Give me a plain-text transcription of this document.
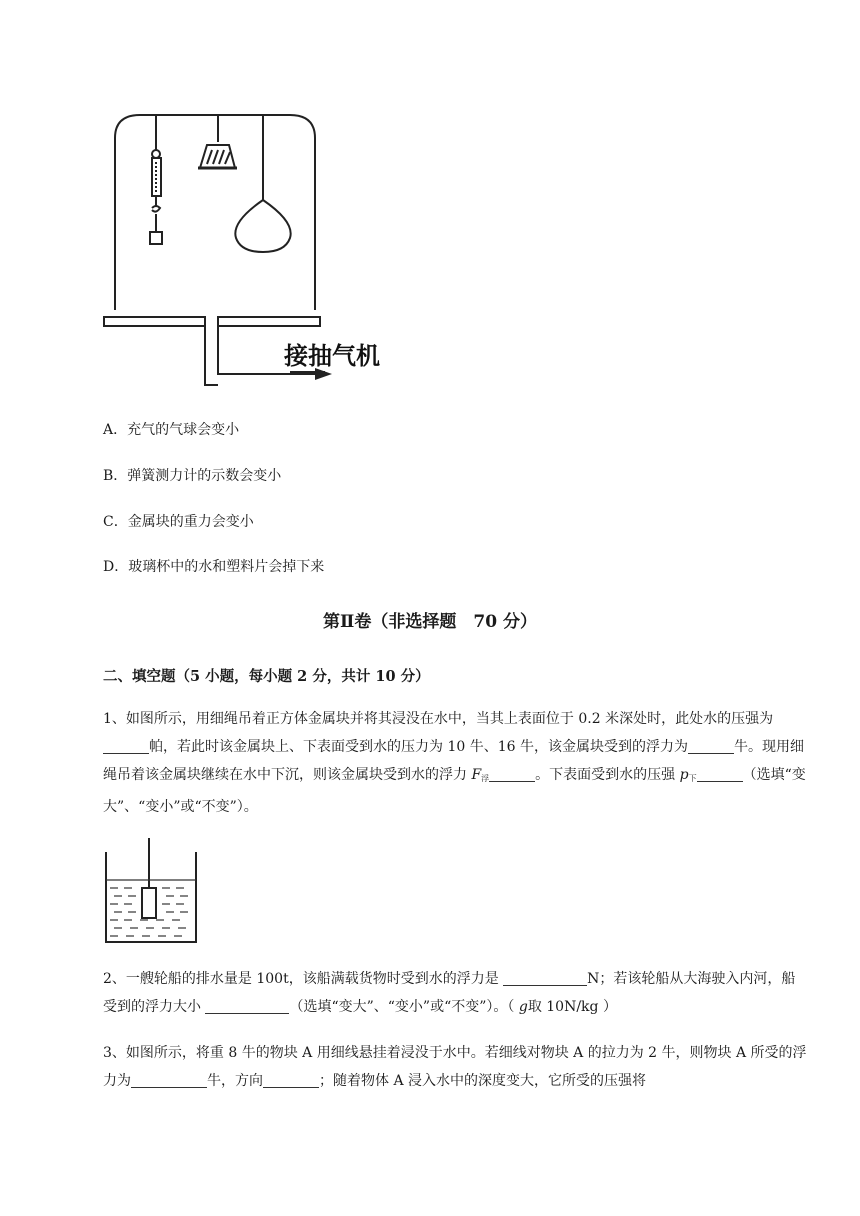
接抽气机
A．充气的气球会变小
B．弹簧测力计的示数会变小
C．金属块的重力会变小
D．玻璃杯中的水和塑料片会掉下来
第Ⅱ卷（非选择题　70 分）
二、填空题（5 小题，每小题 2 分，共计 10 分）

1、如图所示，用细绳吊着正方体金属块并将其浸没在水中，当其上表面位于 0.2 米深处时，此处水的压强为帕，若此时该金属块上、下表面受到水的压力为 10 牛、16 牛，该金属块受到的浮力为	牛。现用细绳吊着该金属块继续在水中下沉，则该金属块受到水的浮力 $F_浮$	。下表面受到水的压强 $p_下$	（选填“变大”、“变小”或“不变”）。

2、一艘轮船的排水量是 100t，该船满载货物时受到水的浮力是	N；若该轮船从大海驶入内河，船受到的浮力大小	（选填“变大”、“变小”或“不变”）。（ g取 10N/kg ）

3、如图所示，将重 8 牛的物块 A 用细线悬挂着浸没于水中。若细线对物块 A 的拉力为 2 牛，则物块 A 所受的浮力为	牛，方向	；随着物体 A 浸入水中的深度变大，它所受的压强将
